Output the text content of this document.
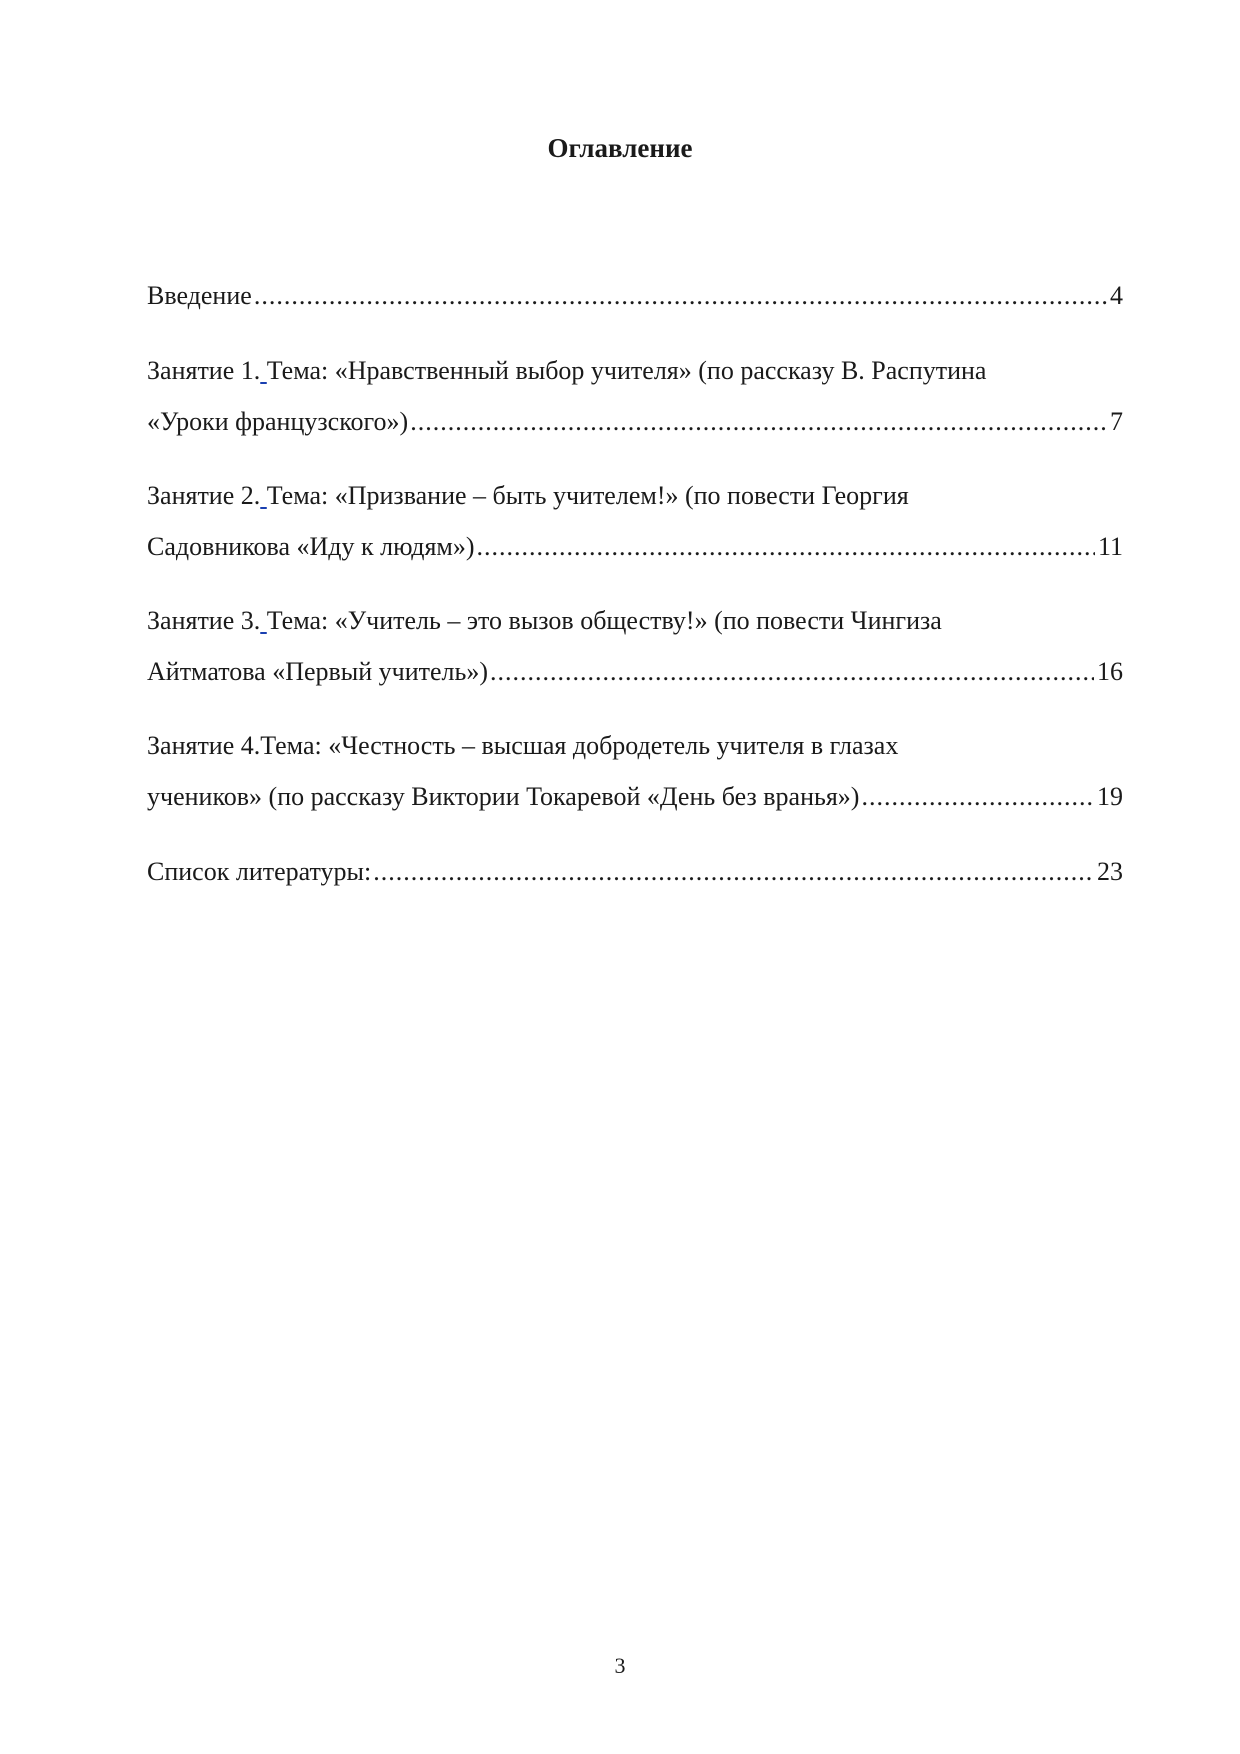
Оглавление
Введение .....	4
Занятие 1. Тема: «Нравственный выбор учителя» (по рассказу В. Распутина
«Уроки французского») .....	7
Занятие 2. Тема: «Призвание – быть учителем!» (по повести Георгия
Садовникова «Иду к людям») .....	11
Занятие 3. Тема: «Учитель – это вызов обществу!» (по повести Чингиза
Айтматова «Первый учитель») .....	16
Занятие 4.Тема: «Честность – высшая добродетель учителя в глазах
учеников» (по рассказу Виктории Токаревой «День без вранья») .....	19
Список литературы: .....	23
3
